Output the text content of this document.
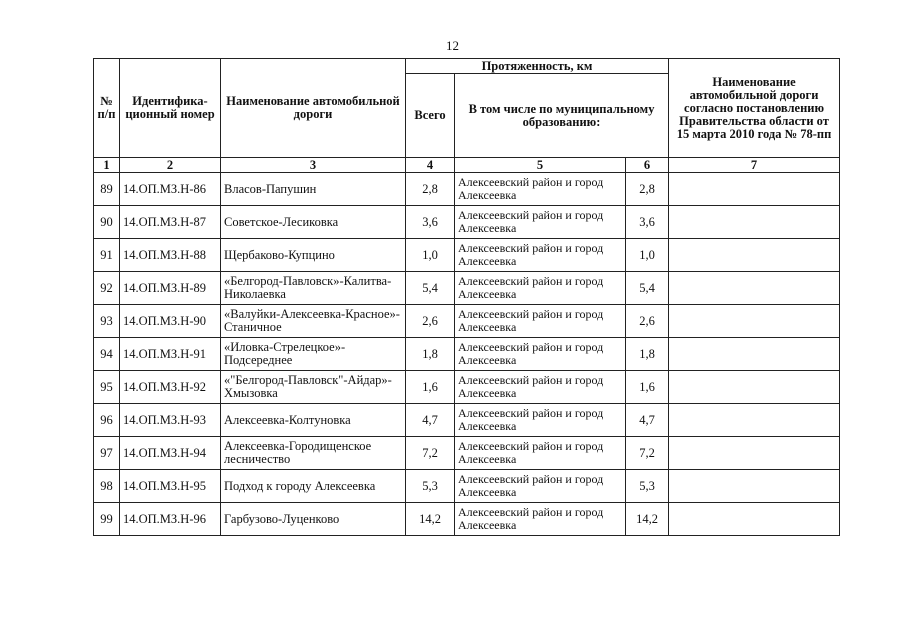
12
№ п/п	Идентифика-ционный номер	Наименование автомобильной дороги	Протяженность, км			Наименование автомобильной дороги согласно постановлению Правительства области от 15 марта 2010 года № 78-пп
			Всего	В том числе по муниципальному образованию:		
1	2	3	4	5	6	7
89	14.ОП.МЗ.Н-86	Власов-Папушин	2,8	Алексеевский район и город Алексеевка	2,8	
90	14.ОП.МЗ.Н-87	Советское-Лесиковка	3,6	Алексеевский район и город Алексеевка	3,6	
91	14.ОП.МЗ.Н-88	Щербаково-Купцино	1,0	Алексеевский район и город Алексеевка	1,0	
92	14.ОП.МЗ.Н-89	«Белгород-Павловск»-Калитва-Николаевка	5,4	Алексеевский район и город Алексеевка	5,4	
93	14.ОП.МЗ.Н-90	«Валуйки-Алексеевка-Красное»-Станичное	2,6	Алексеевский район и город Алексеевка	2,6	
94	14.ОП.МЗ.Н-91	«Иловка-Стрелецкое»-Подсереднее	1,8	Алексеевский район и город Алексеевка	1,8	
95	14.ОП.МЗ.Н-92	«"Белгород-Павловск"-Айдар»-Хмызовка	1,6	Алексеевский район и город Алексеевка	1,6	
96	14.ОП.МЗ.Н-93	Алексеевка-Колтуновка	4,7	Алексеевский район и город Алексеевка	4,7	
97	14.ОП.МЗ.Н-94	Алексеевка-Городищенское лесничество	7,2	Алексеевский район и город Алексеевка	7,2	
98	14.ОП.МЗ.Н-95	Подход к городу Алексеевка	5,3	Алексеевский район и город Алексеевка	5,3	
99	14.ОП.МЗ.Н-96	Гарбузово-Луценково	14,2	Алексеевский район и город Алексеевка	14,2	
